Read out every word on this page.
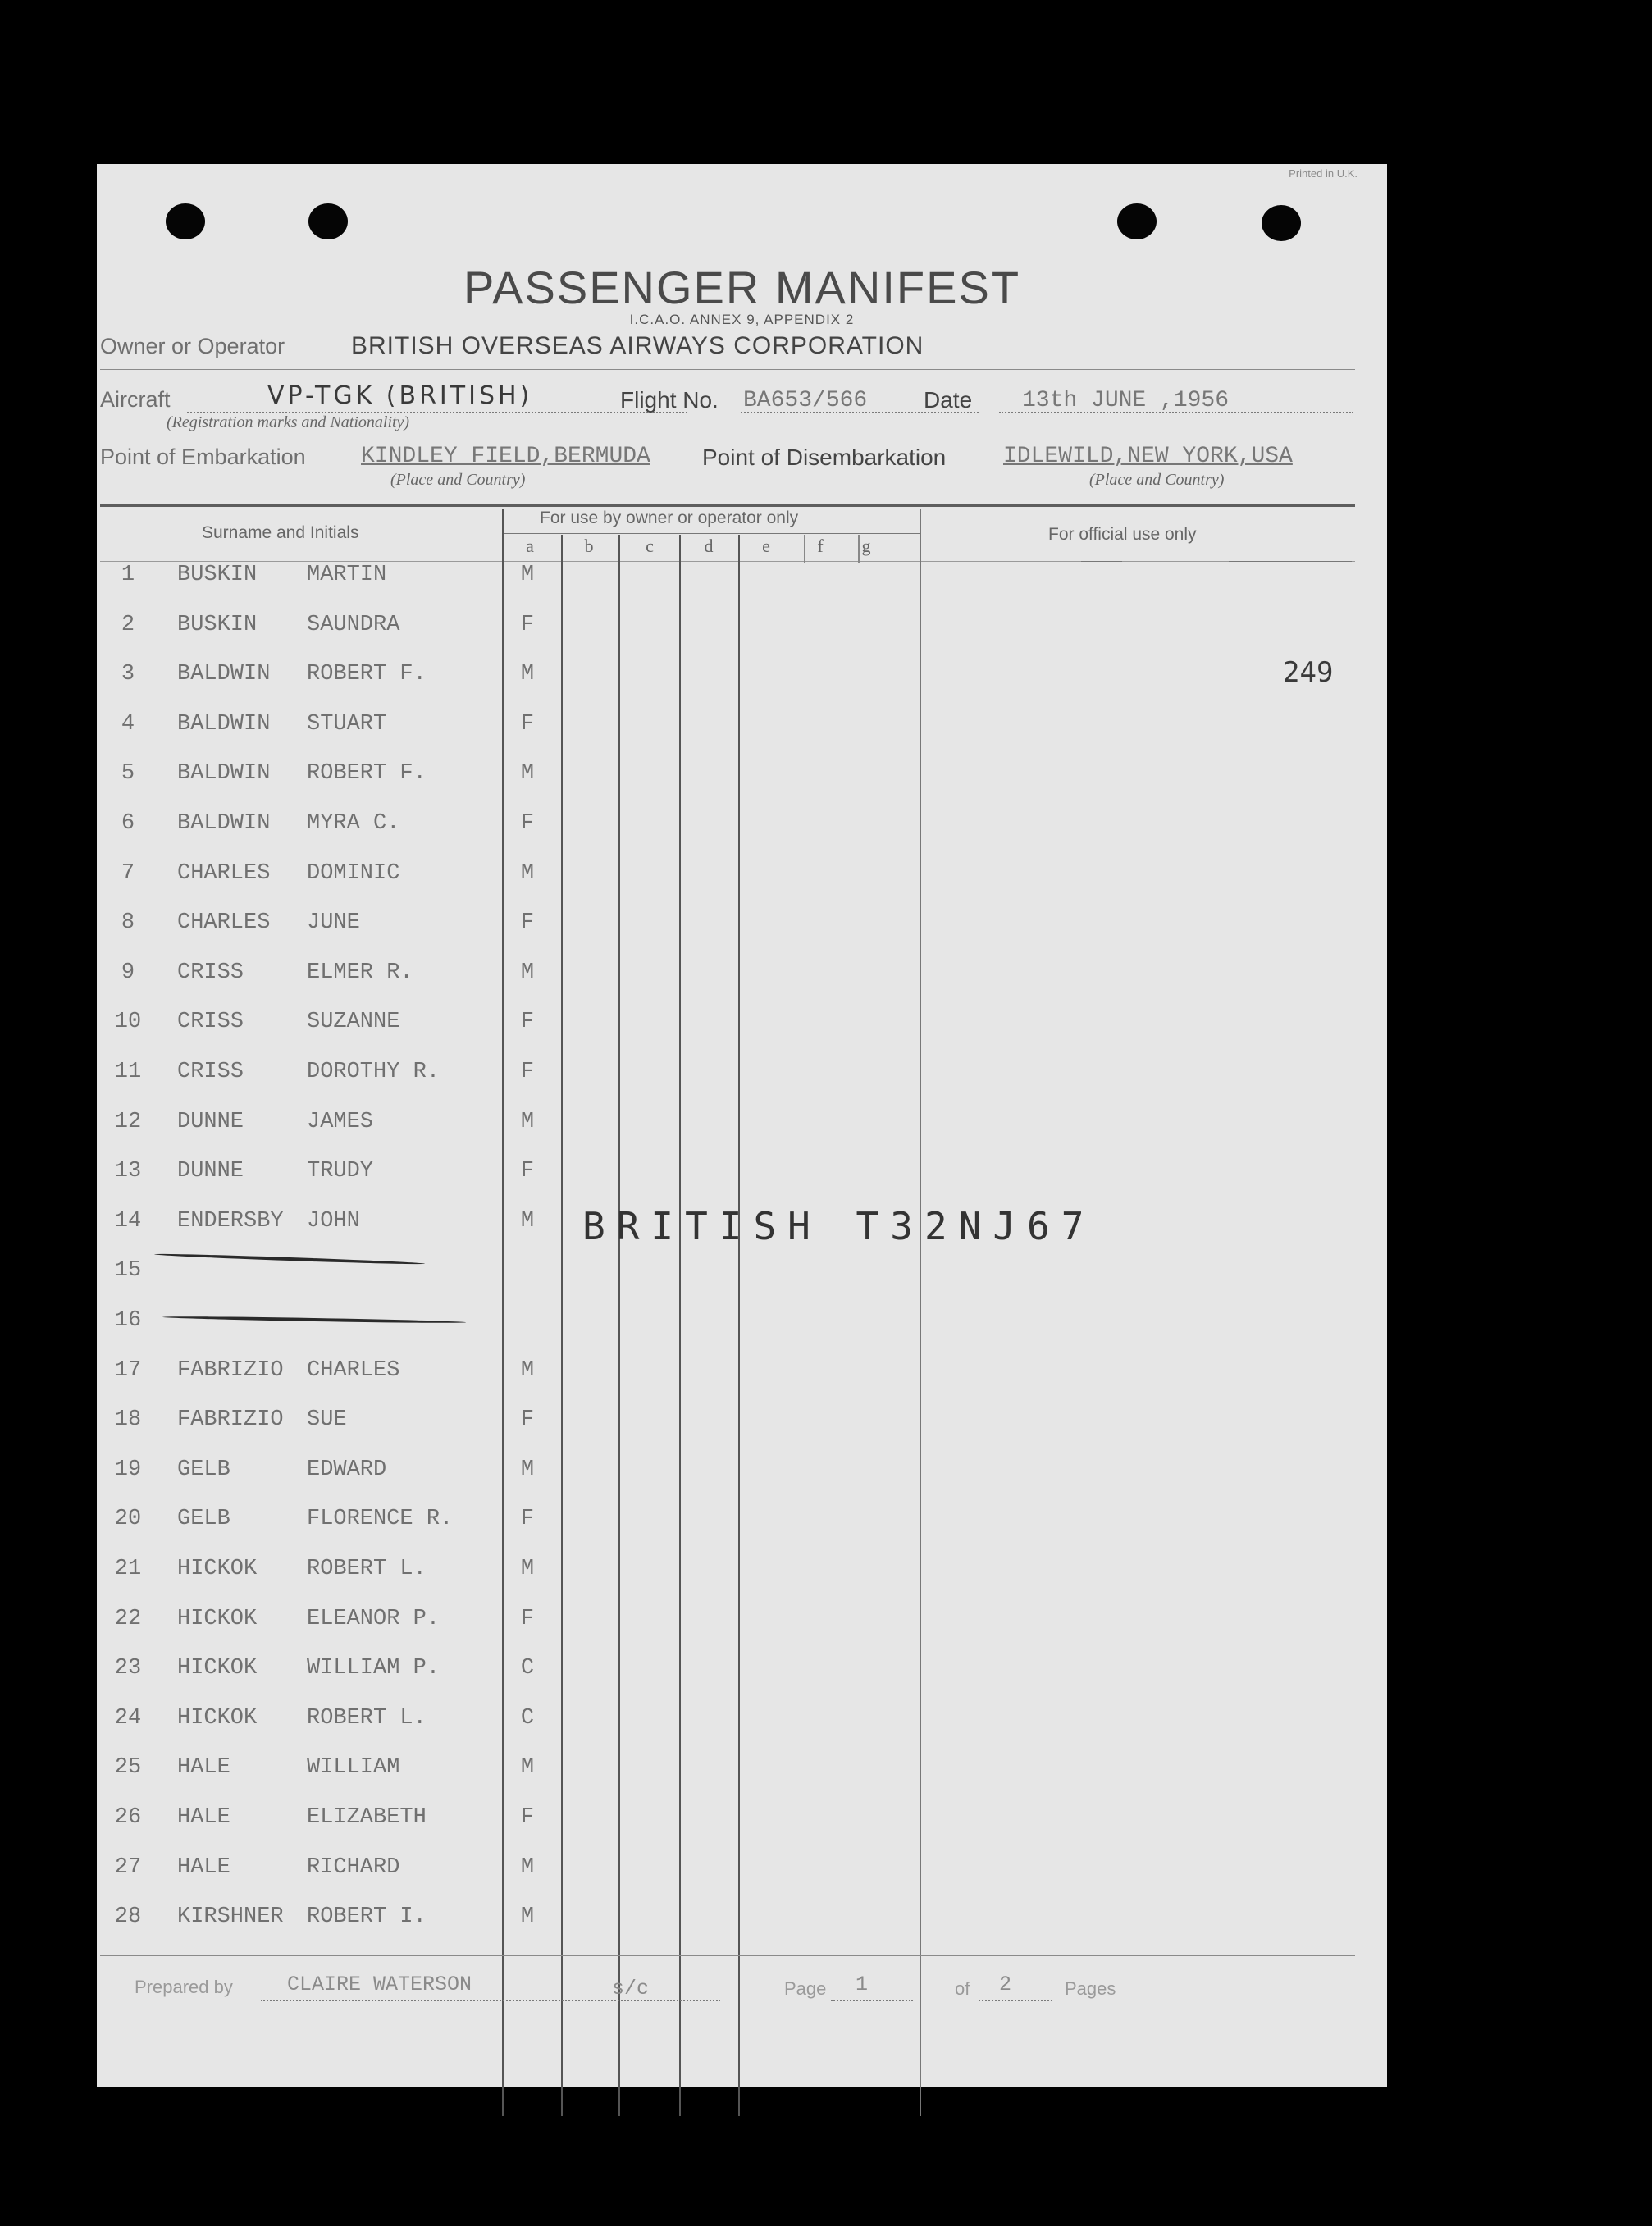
Printed in U.K.
PASSENGER MANIFEST
I.C.A.O. ANNEX 9, APPENDIX 2
Owner or Operator	BRITISH OVERSEAS AIRWAYS CORPORATION
Aircraft	VP-TGK (BRITISH)
(Registration marks and Nationality)
Flight No. BA653/566 Date 13th JUNE ,1956
Point of Embarkation KINDLEY FIELD,BERMUDA
(Place and Country)
Point of Disembarkation IDLEWILD,NEW YORK,USA
(Place and Country)
Surname and Initials
For use by owner or operator only
For official use only
a	b	c	d	e	f	g
1	BUSKIN MARTIN	M
2	BUSKIN SAUNDRA	F
3	BALDWIN ROBERT F.	M
4	BALDWIN STUART	F
5	BALDWIN ROBERT F.	M
6	BALDWIN MYRA C.	F
7	CHARLES DOMINIC	M
8	CHARLES JUNE	F
9	CRISS	ELMER R.	M
10	CRISS	SUZANNE	F
11	CRISS	DOROTHY R.	F
12	DUNNE	JAMES	M
13	DUNNE	TRUDY	F
14	ENDERSBY JOHN	M
15
16
17	FABRIZIO CHARLES	M
18	FABRIZIO SUE	F
19	GELB	EDWARD	M
20	GELB	FLORENCE R.	F
21	HICKOK ROBERT L.	M
22	HICKOK ELEANOR P.	F
23	HICKOK WILLIAM P.	C
24	HICKOK ROBERT L.	C
25	HALE	WILLIAM	M
26	HALE	ELIZABETH	F
27	HALE	RICHARD	M
28	KIRSHNER ROBERT I.	M
249
BRITISH T32NJ67
Prepared by	CLAIRE WATERSON	s/c	Page 1	of 2	Pages
